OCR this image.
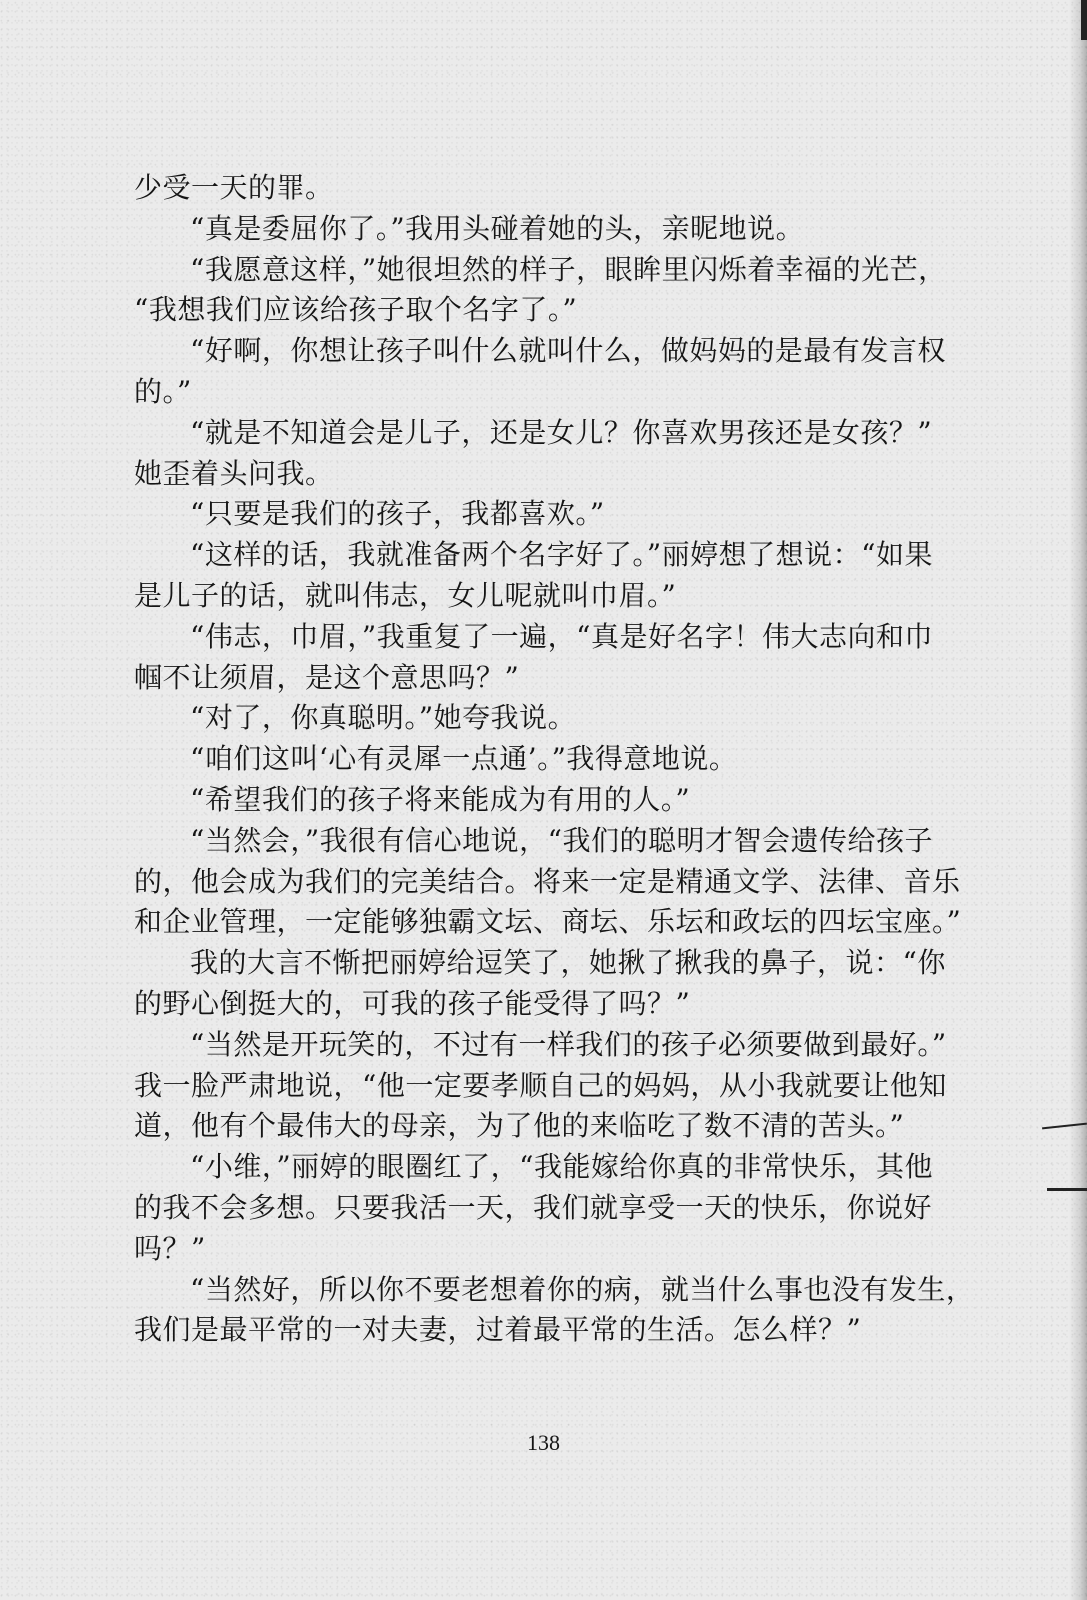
少受一天的罪。
“真是委屈你了。”我用头碰着她的头，亲昵地说。
“我愿意这样，”她很坦然的样子，眼眸里闪烁着幸福的光芒，
“我想我们应该给孩子取个名字了。”
“好啊，你想让孩子叫什么就叫什么，做妈妈的是最有发言权
的。”
“就是不知道会是儿子，还是女儿？你喜欢男孩还是女孩？”
她歪着头问我。
“只要是我们的孩子，我都喜欢。”
“这样的话，我就准备两个名字好了。”丽婷想了想说：“如果
是儿子的话，就叫伟志，女儿呢就叫巾眉。”
“伟志，巾眉，”我重复了一遍，“真是好名字！伟大志向和巾
帼不让须眉，是这个意思吗？”
“对了，你真聪明。”她夸我说。
“咱们这叫‘心有灵犀一点通’。”我得意地说。
“希望我们的孩子将来能成为有用的人。”
“当然会，”我很有信心地说，“我们的聪明才智会遗传给孩子
的，他会成为我们的完美结合。将来一定是精通文学、法律、音乐
和企业管理，一定能够独霸文坛、商坛、乐坛和政坛的四坛宝座。”
我的大言不惭把丽婷给逗笑了，她揪了揪我的鼻子，说：“你
的野心倒挺大的，可我的孩子能受得了吗？”
“当然是开玩笑的，不过有一样我们的孩子必须要做到最好。”
我一脸严肃地说，“他一定要孝顺自己的妈妈，从小我就要让他知
道，他有个最伟大的母亲，为了他的来临吃了数不清的苦头。”
“小维，”丽婷的眼圈红了，“我能嫁给你真的非常快乐，其他
的我不会多想。只要我活一天，我们就享受一天的快乐，你说好
吗？”
“当然好，所以你不要老想着你的病，就当什么事也没有发生，
我们是最平常的一对夫妻，过着最平常的生活。怎么样？”
138
